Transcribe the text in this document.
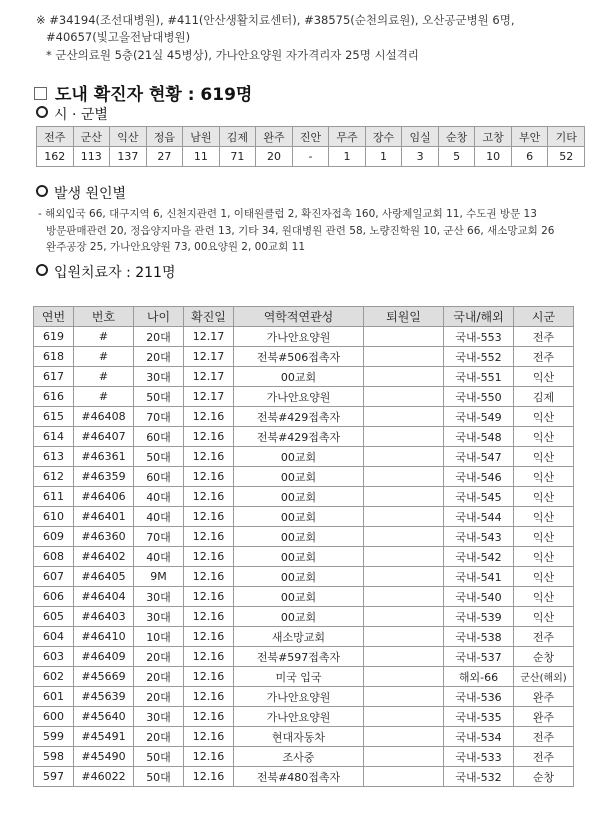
※ #34194(조선대병원), #411(안산생활치료센터), #38575(순천의료원), 오산공군병원 6명,
#40657(빛고을전남대병원)
* 군산의료원 5층(21실 45병상), 가나안요양원 자가격리자 25명 시설격리
도내 확진자 현황 : 619명
시 · 군별
전주	군산	익산	정읍	남원	김제	완주	진안	무주	장수	임실	순창	고창	부안	기타
162	113	137	27	11	71	20	-	1	1	3	5	10	6	52
발생 원인별
- 해외입국 66, 대구지역 6, 신천지관련 1, 이태원클럽 2, 확진자접촉 160, 사랑제일교회 11, 수도권 방문 13
방문판매관련 20, 정읍양지마을 관련 13, 기타 34, 원대병원 관련 58, 노량진학원 10, 군산 66, 새소망교회 26
완주공장 25, 가나안요양원 73, 00요양원 2, 00교회 11
입원치료자 : 211명
연번	번호	나이	확진일	역학적연관성	퇴원일	국내/해외	시군
619	#	20대	12.17	가나안요양원		국내-553	전주
618	#	20대	12.17	전북#506접촉자		국내-552	전주
617	#	30대	12.17	00교회		국내-551	익산
616	#	50대	12.17	가나안요양원		국내-550	김제
615	#46408	70대	12.16	전북#429접촉자		국내-549	익산
614	#46407	60대	12.16	전북#429접촉자		국내-548	익산
613	#46361	50대	12.16	00교회		국내-547	익산
612	#46359	60대	12.16	00교회		국내-546	익산
611	#46406	40대	12.16	00교회		국내-545	익산
610	#46401	40대	12.16	00교회		국내-544	익산
609	#46360	70대	12.16	00교회		국내-543	익산
608	#46402	40대	12.16	00교회		국내-542	익산
607	#46405	9M	12.16	00교회		국내-541	익산
606	#46404	30대	12.16	00교회		국내-540	익산
605	#46403	30대	12.16	00교회		국내-539	익산
604	#46410	10대	12.16	새소망교회		국내-538	전주
603	#46409	20대	12.16	전북#597접촉자		국내-537	순창
602	#45669	20대	12.16	미국 입국		해외-66	군산(해외)
601	#45639	20대	12.16	가나안요양원		국내-536	완주
600	#45640	30대	12.16	가나안요양원		국내-535	완주
599	#45491	20대	12.16	현대자동차		국내-534	전주
598	#45490	50대	12.16	조사중		국내-533	전주
597	#46022	50대	12.16	전북#480접촉자		국내-532	순창
